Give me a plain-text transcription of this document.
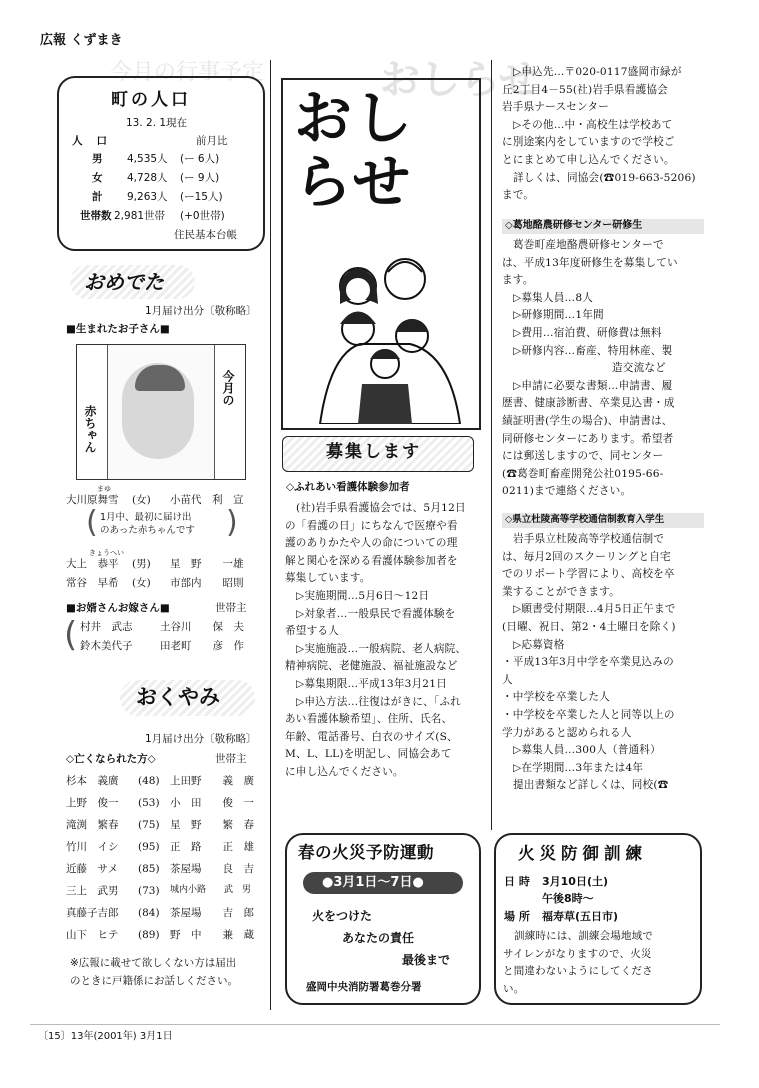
広報 くずまき
おしらせ
今月の行事予定
町の人口
13. 2. 1現在
人口	前月比
男 4,535人 (ー 6人)
女 4,728人 (ー 9人)
計 9,263人 (ー15人)
世帯数 2,981世帯 (+0世帯)
住民基本台帳
おめでた
1月届け出分〔敬称略〕
■生まれたお子さん■
今月の
赤ちゃん
まゆ
大川原舞雪 (女) 小苗代　利　宣
1月中、最初に届け出
のあった赤ちゃんです
(	)
きょうへい
大上　恭平 (男) 星　野　　一雄
常谷　早希 (女) 市部内　　昭則
■お婿さんお嫁さん■	世帯主
( 村井　武志	土谷川　　保　夫
鈴木美代子	田老町　　彦　作
おくやみ
1月届け出分〔敬称略〕
◇亡くなられた方◇	世帯主
杉本　義廣 (48) 上田野　　義　廣
上野　俊一 (53) 小　田　　俊　一
滝渕　繁春 (75) 星　野　　繁　春
竹川　イシ (95) 正　路　　正　雄
近藤　サメ (85) 茶屋場　　良　吉
三上　武男 (73) 城内小路　　武　男
真藤子吉郎 (84) 茶屋場　　吉　郎
山下　ヒテ (89) 野　中　　兼　蔵
※広報に載せて欲しくない方は届出
のときに戸籍係にお話しください。
おし
らせ
募集します
◇ふれあい看護体験参加者
(社)岩手県看護協会では、5月12日
の「看護の日」にちなんで医療や看
護のありかたや人の命についての理
解と関心を深める看護体験参加者を
募集しています。
▷実施期間…5月6日～12日
▷対象者…一般県民で看護体験を
希望する人
▷実施施設…一般病院、老人病院、
精神病院、老健施設、福祉施設など
▷募集期限…平成13年3月21日
▷申込方法…往復はがきに、「ふれ
あい看護体験希望」、住所、氏名、
年齢、電話番号、白衣のサイズ(S、
M、L、LL)を明記し、同協会あて
に申し込んでください。
▷申込先…〒020-0117盛岡市緑が
丘2丁目4－55(社)岩手県看護協会
岩手県ナースセンター
▷その他…中・高校生は学校あて
に別途案内をしていますので学校ご
とにまとめて申し込んでください。
詳しくは、同協会(☎019-663-5206)
まで。
◇葛地酪農研修センター研修生
葛巻町産地酪農研修センターで
は、平成13年度研修生を募集してい
ます。
▷募集人員…8人
▷研修期間…1年間
▷費用…宿泊費、研修費は無料
▷研修内容…畜産、特用林産、製
造交流など
▷申請に必要な書類…申請書、履
歴書、健康診断書、卒業見込書・成
績証明書(学生の場合)、申請書は、
同研修センターにあります。希望者
には郵送しますので、同センター
(☎葛巻町畜産開発公社0195-66-
0211)まで連絡ください。
◇県立杜陵高等学校通信制教育入学生
岩手県立杜陵高等学校通信制で
は、毎月2回のスクーリングと自宅
でのリポート学習により、高校を卒
業することができます。
▷願書受付期限…4月5日正午まで
(日曜、祝日、第2・4土曜日を除く)
▷応募資格
・平成13年3月中学を卒業見込みの
人
・中学校を卒業した人
・中学校を卒業した人と同等以上の
学力があると認められる人
▷募集人員…300人（普通科）
▷在学期間…3年または4年
提出書類など詳しくは、同校(☎
春の火災予防運動
●3月1日～7日●
火をつけた
あなたの責任
最後まで
盛岡中央消防署葛巻分署
火災防御訓練
日 時 3月10日(土)
午後8時～
場 所 福寿草(五日市)
訓練時には、訓練会場地域で
サイレンがなりますので、火災
と間違わないようにしてくださ
い。
〔15〕13年(2001年) 3月1日
